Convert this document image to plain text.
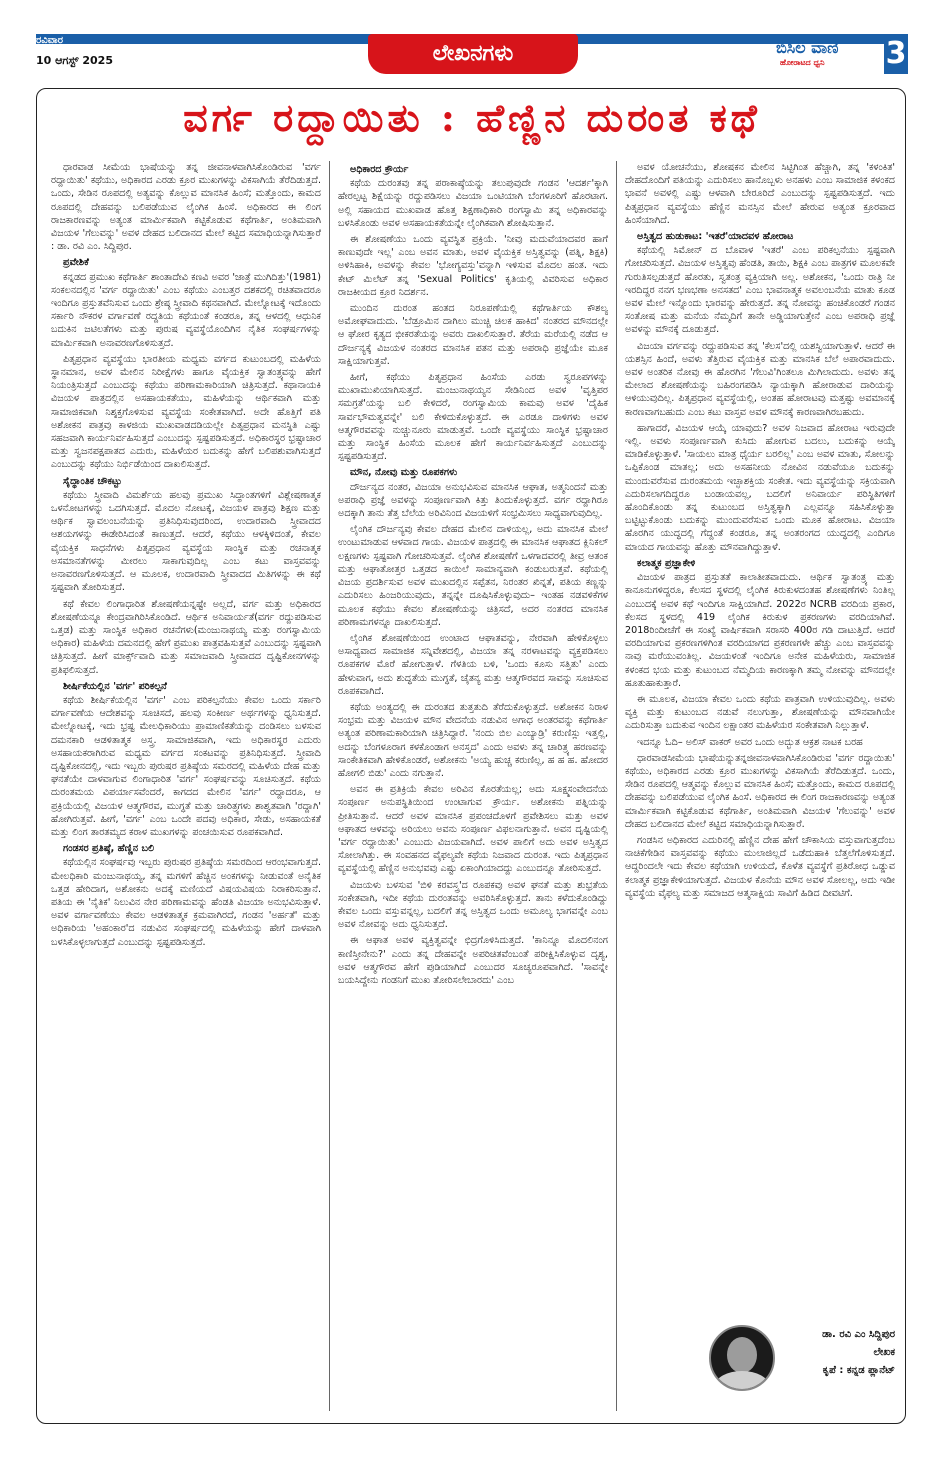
ರವಿವಾರ
10 ಆಗಸ್ಟ್ 2025	ಲೇಖನಗಳು	ಬಿಸಿಲ ವಾಣಿ
ಹೋರಾಟದ ಧ್ವನಿ 3
ವರ್ಗ ರದ್ದಾಯಿತು : ಹೆಣ್ಣಿನ ದುರಂತ ಕಥೆ
ಧಾರವಾಡ ಸೀಮೆಯ ಭಾಷೆಯನ್ನು ತನ್ನ ಜೀವನಾಳವಾಗಿಸಿಕೊಂಡಿರುವ 'ವರ್ಗ ರದ್ದಾಯಿತು' ಕಥೆಯು, ಅಧಿಕಾರದ ಎರಡು ಕ್ರೂರ ಮುಖಗಳನ್ನು ವಿಕಸಾಗಿಯೆ ತೆರೆದಿಡುತ್ತದೆ. ಒಂದು, ಸೇಡಿನ ರೂಪದಲ್ಲಿ ಅತ್ಯವನ್ನು ಕೊಲ್ಲುವ ಮಾನಸಿಕ ಹಿಂಸೆ; ಮತ್ತೊಂದು, ಕಾಮದ ರೂಪದಲ್ಲಿ ದೇಹವನ್ನು ಬಲಿಪಡೆಯುವ ಲೈಂಗಿಕ ಹಿಂಸೆ. ಅಧಿಕಾರದ ಈ ಲಿಂಗ ರಾಜಕಾರಣವನ್ನು ಅತ್ಯಂತ ಮಾರ್ಮಿಕವಾಗಿ ಕಟ್ಟಿಕೊಡುವ ಕಥೆಗಾರ್ತಿ, ಅಂತಿಮವಾಗಿ ವಿಜಯಳ 'ಗೆಲುವನ್ನು' ಅವಳ ದೇಹದ ಬಲಿದಾನದ ಮೇಲೆ ಕಟ್ಟಿದ ಸಮಾಧಿಯನ್ನಾಗಿಸುತ್ತಾರೆ : ಡಾ. ರವಿ ಎಂ. ಸಿದ್ದಿಪುರ.
ಪ್ರವೇಶಿಕೆ
ಕನ್ನಡದ ಪ್ರಮುಖ ಕಥೆಗಾರ್ತಿ ಶಾಂತಾದೇವಿ ಕಣವಿ ಅವರ 'ಜಾತ್ರೆ ಮುಗಿದಿತ್ತು'(1981) ಸಂಕಲನದಲ್ಲಿನ 'ವರ್ಗ ರದ್ದಾಯಿತು' ಎಂಬ ಕಥೆಯು ಎಂಬತ್ತರ ದಶಕದಲ್ಲಿ ರಚಿತವಾದರೂ ಇಂದಿಗೂ ಪ್ರಸ್ತುತವೆನಿಸುವ ಒಂದು ಶ್ರೇಷ್ಠ ಸ್ತ್ರೀವಾದಿ ಕಥನವಾಗಿದೆ. ಮೇಲ್ನೋಟಕ್ಕೆ ಇದೊಂದು ಸರ್ಕಾರಿ ನೌಕರಳ ವರ್ಗಾವಣೆ ರದ್ದತಿಯ ಕಥೆಯಂತೆ ಕಂಡರೂ, ತನ್ನ ಆಳದಲ್ಲಿ ಆಧುನಿಕ ಬದುಕಿನ ಜಟಿಲತೆಗಳು ಮತ್ತು ಪುರುಷ ವ್ಯವಸ್ಥೆಯೊಂದಿಗಿನ ನೈತಿಕ ಸಂಘರ್ಷಗಳನ್ನು ಮಾರ್ಮಿಕವಾಗಿ ಅನಾವರಣಗೊಳಿಸುತ್ತದೆ.
ಪಿತೃಪ್ರಧಾನ ವ್ಯವಸ್ಥೆಯು ಭಾರತೀಯ ಮಧ್ಯಮ ವರ್ಗದ ಕುಟುಂಬದಲ್ಲಿ ಮಹಿಳೆಯ ಸ್ಥಾನಮಾನ, ಅವಳ ಮೇಲಿನ ನಿರೀಕ್ಷೆಗಳು ಹಾಗೂ ವೈಯಕ್ತಿಕ ಸ್ವಾತಂತ್ರ್ಯವನ್ನು ಹೇಗೆ ನಿಯಂತ್ರಿಸುತ್ತದೆ ಎಂಬುದನ್ನು ಕಥೆಯು ಪರಿಣಾಮಕಾರಿಯಾಗಿ ಚಿತ್ರಿಸುತ್ತದೆ. ಕಥಾನಾಯಕಿ ವಿಜಯಳ ಪಾತ್ರದಲ್ಲಿನ ಅಸಹಾಯಕತೆಯು, ಮಹಿಳೆಯನ್ನು ಆರ್ಥಿಕವಾಗಿ ಮತ್ತು ಸಾಮಾಜಿಕವಾಗಿ ನಿಶ್ಶಕ್ತಗೊಳಿಸುವ ವ್ಯವಸ್ಥೆಯ ಸಂಕೇತವಾಗಿದೆ. ಅದೇ ಹೊತ್ತಿಗೆ ಪತಿ ಅಶೋಕನ ಪಾತ್ರವು ಕಾಳಜಿಯ ಮುಖವಾಡದಡಿಯಲ್ಲೇ ಪಿತೃಪ್ರಧಾನ ಮನಸ್ಥಿತಿ ಎಷ್ಟು ಸಹಜವಾಗಿ ಕಾರ್ಯನಿರ್ವಹಿಸುತ್ತದೆ ಎಂಬುದನ್ನು ಸ್ಪಷ್ಟಪಡಿಸುತ್ತದೆ. ಅಧಿಕಾರಸ್ಥರ ಭ್ರಷ್ಟಾಚಾರ ಮತ್ತು ಸ್ವಜನಪಕ್ಷಪಾತದ ಎದುರು, ಮಹಿಳೆಯರ ಬದುಕನ್ನು ಹೇಗೆ ಬಲಿಪಶುವಾಗಿಸುತ್ತದೆ ಎಂಬುದನ್ನು ಕಥೆಯು ನಿರ್ಭಿಡೆಯಿಂದ ದಾಖಲಿಸುತ್ತದೆ.
ಸೈದ್ಧಾಂತಿಕ ಚೌಕಟ್ಟು
ಕಥೆಯು ಸ್ತ್ರೀವಾದಿ ವಿಮರ್ಶೆಯ ಹಲವು ಪ್ರಮುಖ ಸಿದ್ಧಾಂತಗಳಿಗೆ ವಿಶ್ಲೇಷಣಾತ್ಮಕ ಒಳನೋಟಗಳನ್ನು ಒದಗಿಸುತ್ತದೆ. ಮೊದಲ ನೋಟಕ್ಕೆ, ವಿಜಯಳ ಪಾತ್ರವು ಶಿಕ್ಷಣ ಮತ್ತು ಆರ್ಥಿಕ ಸ್ವಾವಲಂಬನೆಯನ್ನು ಪ್ರತಿನಿಧಿಸುವುದರಿಂದ, ಉದಾರವಾದಿ ಸ್ತ್ರೀವಾದದ ಆಶಯಗಳನ್ನು ಈಡೇರಿಸಿದಂತೆ ಕಾಣುತ್ತದೆ. ಆದರೆ, ಕಥೆಯು ಆಳಕ್ಕಿಳಿದಂತೆ, ಕೇವಲ ವೈಯಕ್ತಿಕ ಸಾಧನೆಗಳು ಪಿತೃಪ್ರಧಾನ ವ್ಯವಸ್ಥೆಯ ಸಾಂಸ್ಥಿಕ ಮತ್ತು ರಚನಾತ್ಮಕ ಅಸಮಾನತೆಗಳನ್ನು ಮೀರಲು ಸಾಕಾಗುವುದಿಲ್ಲ ಎಂಬ ಕಟು ವಾಸ್ತವವನ್ನು ಅನಾವರಣಗೊಳಿಸುತ್ತದೆ. ಆ ಮೂಲಕ, ಉದಾರವಾದಿ ಸ್ತ್ರೀವಾದದ ಮಿತಿಗಳನ್ನು ಈ ಕಥೆ ಸ್ಪಷ್ಟವಾಗಿ ತೋರಿಸುತ್ತದೆ.
ಕಥೆ ಕೇವಲ ಲಿಂಗಾಧಾರಿತ ಶೋಷಣೆಯನ್ನಷ್ಟೇ ಅಲ್ಲದೆ, ವರ್ಗ ಮತ್ತು ಅಧಿಕಾರದ ಶೋಷಣೆಯನ್ನೂ ಕೇಂದ್ರವಾಗಿರಿಸಿಕೊಂಡಿದೆ. ಆರ್ಥಿಕ ಅನಿವಾರ್ಯತೆ(ವರ್ಗ ರದ್ದುಪಡಿಸುವ ಒತ್ತಡ) ಮತ್ತು ಸಾಂಸ್ಥಿಕ ಅಧಿಕಾರ ರಚನೆಗಳು(ಮಂಜುನಾಥಯ್ಯ ಮತ್ತು ರಂಗಸ್ವಾಮಿಯ ಅಧಿಕಾರ) ಮಹಿಳೆಯ ದಮನದಲ್ಲಿ ಹೇಗೆ ಪ್ರಮುಖ ಪಾತ್ರವಹಿಸುತ್ತವೆ ಎಂಬುದನ್ನು ಸ್ಪಷ್ಟವಾಗಿ ಚಿತ್ರಿಸುತ್ತದೆ. ಹೀಗೆ ಮಾರ್ಕ್ಸ್‌ವಾದಿ ಮತ್ತು ಸಮಾಜವಾದಿ ಸ್ತ್ರೀವಾದದ ದೃಷ್ಟಿಕೋನಗಳನ್ನು ಪ್ರತಿಫಲಿಸುತ್ತದೆ.
ಶೀರ್ಷಿಕೆಯಲ್ಲಿನ 'ವರ್ಗ' ಪರಿಕಲ್ಪನೆ
ಕಥೆಯ ಶೀರ್ಷಿಕೆಯಲ್ಲಿನ 'ವರ್ಗ' ಎಂಬ ಪರಿಕಲ್ಪನೆಯು ಕೇವಲ ಒಂದು ಸರ್ಕಾರಿ ವರ್ಗಾವಣೆಯ ಆದೇಶವನ್ನು ಸೂಚಿಸದೆ, ಹಲವು ಸಂಕೀರ್ಣ ಅರ್ಥಗಳನ್ನು ಧ್ವನಿಸುತ್ತದೆ. ಮೇಲ್ನೋಟಕ್ಕೆ, ಇದು ಭ್ರಷ್ಟ ಮೇಲಧಿಕಾರಿಯು ಪ್ರಾಮಾಣಿಕತೆಯನ್ನು ದಂಡಿಸಲು ಬಳಸುವ ದಮನಕಾರಿ ಆಡಳಿತಾತ್ಮಕ ಅಸ್ತ್ರ. ಸಾಮಾಜಿಕವಾಗಿ, ಇದು ಅಧಿಕಾರಸ್ಥರ ಎದುರು ಅಸಹಾಯಕರಾಗಿರುವ ಮಧ್ಯಮ ವರ್ಗದ ಸಂಕಟವನ್ನು ಪ್ರತಿನಿಧಿಸುತ್ತದೆ. ಸ್ತ್ರೀವಾದಿ ದೃಷ್ಟಿಕೋನದಲ್ಲಿ, ಇದು ಇಬ್ಬರು ಪುರುಷರ ಪ್ರತಿಷ್ಠೆಯ ಸಮರದಲ್ಲಿ ಮಹಿಳೆಯ ದೇಹ ಮತ್ತು ಘನತೆಯೇ ದಾಳವಾಗುವ ಲಿಂಗಾಧಾರಿತ 'ವರ್ಗ' ಸಂಘರ್ಷವನ್ನು ಸೂಚಿಸುತ್ತದೆ. ಕಥೆಯ ದುರಂತಮಯ ವಿಪರ್ಯಾಸವೆಂದರೆ, ಕಾಗದದ ಮೇಲಿನ 'ವರ್ಗ' ರದ್ದಾದರೂ, ಆ ಪ್ರಕ್ರಿಯೆಯಲ್ಲಿ ವಿಜಯಳ ಆತ್ಮಗೌರವ, ಮುಗ್ಧತೆ ಮತ್ತು ಚಾರಿತ್ರ್ಯಗಳು ಶಾಶ್ವತವಾಗಿ 'ರದ್ದಾಗಿ' ಹೋಗಿರುತ್ತವೆ. ಹೀಗೆ, 'ವರ್ಗ' ಎಂಬ ಒಂದೇ ಪದವು ಅಧಿಕಾರ, ಸೇಡು, ಅಸಹಾಯಕತೆ ಮತ್ತು ಲಿಂಗ ತಾರತಮ್ಯದ ಕರಾಳ ಮುಖಗಳನ್ನು ಪಂಚಯಿಸುವ ರೂಪಕವಾಗಿದೆ.
ಗಂಡಸರ ಪ್ರತಿಷ್ಠೆ, ಹೆಣ್ಣಿನ ಬಲಿ
ಕಥೆಯಲ್ಲಿನ ಸಂಘರ್ಷವು ಇಬ್ಬರು ಪುರುಷರ ಪ್ರತಿಷ್ಠೆಯ ಸಮರದಿಂದ ಆರಂಭವಾಗುತ್ತದೆ. ಮೇಲಧಿಕಾರಿ ಮಂಜುನಾಥಯ್ಯ, ತನ್ನ ಮಗಳಿಗೆ ಹೆಚ್ಚಿನ ಅಂಕಗಳನ್ನು ನೀಡುವಂತೆ ಅನೈತಿಕ ಒತ್ತಡ ಹೇರಿದಾಗ, ಅಶೋಕನು ಅದಕ್ಕೆ ಮಣಿಯದೆ ವಿಷಯವಿಷಯ ನಿರಾಕರಿಸುತ್ತಾನೆ. ಪತಿಯ ಈ 'ನೈತಿಕ' ನಿಲುವಿನ ನೇರ ಪರಿಣಾಮವನ್ನು ಹೆಂಡತಿ ವಿಜಯಾ ಅನುಭವಿಸುತ್ತಾಳೆ. ಅವಳ ವರ್ಗಾವಣೆಯು ಕೇವಲ ಆಡಳಿತಾತ್ಮಕ ಕ್ರಮವಾಗಿರದೆ, ಗಂಡನ 'ಅರ್ಹತೆ' ಮತ್ತು ಅಧಿಕಾರಿಯ 'ಅಹಂಕಾರ'ದ ನಡುವಿನ ಸಂಘರ್ಷದಲ್ಲಿ ಮಹಿಳೆಯನ್ನು ಹೇಗೆ ದಾಳವಾಗಿ ಬಳಸಿಕೊಳ್ಳಲಾಗುತ್ತದೆ ಎಂಬುದನ್ನು ಸ್ಪಷ್ಟಪಡಿಸುತ್ತದೆ.
ಅಧಿಕಾರದ ಕ್ರೌರ್ಯ
ಕಥೆಯ ದುರಂತವು ತನ್ನ ಪರಾಕಾಷ್ಠೆಯನ್ನು ತಲುಪುವುದೇ ಗಂಡನ 'ಆದರ್ಶ'ಕ್ಕಾಗಿ ಹೇರಲ್ಪಟ್ಟ ಶಿಕ್ಷೆಯನ್ನು ರದ್ದುಪಡಿಸಲು ವಿಜಯಾ ಒಂಟಿಯಾಗಿ ಬೆಂಗಳೂರಿಗೆ ಹೊರಟಾಗ. ಅಲ್ಲಿ ಸಹಾಯದ ಮುಖವಾಡ ಹೊತ್ತ ಶಿಕ್ಷಣಾಧಿಕಾರಿ ರಂಗಸ್ವಾಮಿ ತನ್ನ ಅಧಿಕಾರವನ್ನು ಬಳಸಿಕೊಂಡು ಅವಳ ಅಸಹಾಯಕತೆಯನ್ನೇ ಲೈಂಗಿಕವಾಗಿ ಶೋಷಿಸುತ್ತಾನೆ.
ಈ ಶೋಷಣೆಯು ಒಂದು ವ್ಯವಸ್ಥಿತ ಪ್ರಕ್ರಿಯೆ. 'ನೀವು ಮದುವೆಯಾದವರ ಹಾಗೆ ಕಾಣುವುದೇ ಇಲ್ಲ' ಎಂಬ ಅವನ ಮಾತು, ಅವಳ ವೈಯಕ್ತಿಕ ಅಸ್ತಿತ್ವವನ್ನು (ಪತ್ನಿ, ಶಿಕ್ಷಕಿ) ಅಳಿಸಿಹಾಕಿ, ಅವಳನ್ನು ಕೇವಲ 'ಭೋಗ್ಯವಸ್ತು'ವನ್ನಾಗಿ ಇಳಿಸುವ ಮೊದಲ ಹಂತ. ಇದು ಕೇಟ್ ಮಿಲೆಟ್ ತನ್ನ 'Sexual Politics' ಕೃತಿಯಲ್ಲಿ ವಿವರಿಸುವ ಅಧಿಕಾರ ರಾಜಕೀಯದ ಕ್ರೂರ ನಿದರ್ಶನ.
ಮುಂದಿನ ದುರಂತ ಹಂತದ ನಿರೂಪಣೆಯಲ್ಲಿ ಕಥೆಗಾರ್ತಿಯ ಕೌಶಲ್ಯ ಅಮೋಘವಾದುದು. 'ಬೆಡ್ರೂಮಿನ ದಾಗಿಲು ಮುಚ್ಚಿ ಚಿಲಕ ಹಾಕಿದ' ನಂತರದ ಮೌನದಲ್ಲೇ ಆ ಘೋರ ಕೃತ್ಯದ ಭೀಕರತೆಯನ್ನು ಅವರು ದಾಖಲಿಸುತ್ತಾರೆ. ತೆರೆಯ ಮರೆಯಲ್ಲಿ ನಡೆದ ಆ ದೌರ್ಜನ್ಯಕ್ಕೆ ವಿಜಯಳ ನಂತರದ ಮಾನಸಿಕ ಪತನ ಮತ್ತು ಅಪರಾಧಿ ಪ್ರಜ್ಞೆಯೇ ಮೂಕ ಸಾಕ್ಷಿಯಾಗುತ್ತವೆ.
ಹೀಗೆ, ಕಥೆಯು ಪಿತೃಪ್ರಧಾನ ಹಿಂಸೆಯ ಎರಡು ಸ್ವರೂಪಗಳನ್ನು ಮುಖಾಮುಖಿಯಾಗಿಸುತ್ತದೆ. ಮಂಜುನಾಥಯ್ಯನ ಸೇಡಿನಿಂದ ಅವಳ 'ವೃತ್ತಿಪರ ಸಮಗ್ರತೆ'ಯನ್ನು ಬಲಿ ಕೇಳಿದರೆ, ರಂಗಸ್ವಾಮಿಯ ಕಾಮವು ಅವಳ 'ದೈಹಿಕ ಸಾರ್ವಭೌಮತ್ವವನ್ನೇ' ಬಲಿ ಕೇಳಿದುಕೊಳ್ಳುತ್ತದೆ. ಈ ಎರಡೂ ದಾಳಿಗಳು ಅವಳ ಆತ್ಮಗೌರವವನ್ನು ನುಚ್ಚುನೂರು ಮಾಡುತ್ತವೆ. ಒಂದೇ ವ್ಯವಸ್ಥೆಯು ಸಾಂಸ್ಥಿಕ ಭ್ರಷ್ಟಾಚಾರ ಮತ್ತು ಸಾಂಸ್ಥಿಕ ಹಿಂಸೆಯ ಮೂಲಕ ಹೇಗೆ ಕಾರ್ಯನಿರ್ವಹಿಸುತ್ತದೆ ಎಂಬುದನ್ನು ಸ್ಪಷ್ಟಪಡಿಸುತ್ತದೆ.
ಮೌನ, ನೋವು ಮತ್ತು ರೂಪಕಗಳು
ದೌರ್ಜನ್ಯದ ನಂತರ, ವಿಜಯಾ ಅನುಭವಿಸುವ ಮಾನಸಿಕ ಆಘಾತ, ಅತ್ಮನಿಂದನೆ ಮತ್ತು ಅಪರಾಧಿ ಪ್ರಜ್ಞೆ ಅವಳನ್ನು ಸಂಪೂರ್ಣವಾಗಿ ಕಿತ್ತು ತಿಂದುಕೊಳ್ಳುತ್ತದೆ. ವರ್ಗ ರದ್ದಾಗಿರೂ ಅದಕ್ಕಾಗಿ ತಾನು ತೆತ್ತ ಬೆಲೆಯ ಅರಿವಿನಿಂದ ವಿಜಯಳಿಗೆ ಸಂಭ್ರಮಿಸಲು ಸಾಧ್ಯವಾಗುವುದಿಲ್ಲ.
ಲೈಂಗಿಕ ದೌರ್ಜನ್ಯವು ಕೇವಲ ದೇಹದ ಮೇಲಿನ ದಾಳಿಯಲ್ಲ, ಅದು ಮಾನಸಿಕ ಮೇಲೆ ಉಂಟುಮಾಡುವ ಆಳವಾದ ಗಾಯ. ವಿಜಯಳ ಪಾತ್ರದಲ್ಲಿ ಈ ಮಾನಸಿಕ ಆಘಾತದ ಕ್ಲಿನಿಕಲ್ ಲಕ್ಷಣಗಳು ಸ್ಪಷ್ಟವಾಗಿ ಗೋಚರಿಸುತ್ತವೆ. ಲೈಂಗಿಕ ಶೋಷಣೆಗೆ ಒಳಗಾದವರಲ್ಲಿ ತೀವ್ರ ಆತಂಕ ಮತ್ತು ಆಘಾತೋತ್ತರ ಒತ್ತಡದ ಕಾಯಿಲೆ ಸಾಮಾನ್ಯವಾಗಿ ಕಂಡುಬರುತ್ತವೆ. ಕಥೆಯಲ್ಲಿ ವಿಜಯ ಪ್ರದರ್ಶಿಸುವ ಅವಳ ಮುಖದಲ್ಲಿನ ಸಪ್ಪೆತನ, ನಿರಂತರ ಖಿನ್ನತೆ, ಪತಿಯ ಕಣ್ಣನ್ನು ಎದುರಿಸಲು ಹಿಂಜರಿಯುವುದು, ತನ್ನನ್ನೇ ದೂಷಿಸಿಕೊಳ್ಳುವುದು– ಇಂತಹ ನಡವಳಿಕೆಗಳ ಮೂಲಕ ಕಥೆಯು ಕೇವಲ ಶೋಷಣೆಯನ್ನು ಚಿತ್ರಿಸದೆ, ಅದರ ನಂತರದ ಮಾನಸಿಕ ಪರಿಣಾಮಗಳನ್ನೂ ದಾಖಲಿಸುತ್ತದೆ.
ಲೈಂಗಿಕ ಶೋಷಣೆಯಿಂದ ಉಂಟಾದ ಆಘಾತವನ್ನು, ನೇರವಾಗಿ ಹೇಳಿಕೊಳ್ಳಲು ಅಸಾಧ್ಯವಾದ ಸಾಮಾಜಿಕ ಸನ್ನಿವೇಶದಲ್ಲಿ, ವಿಜಯಾ ತನ್ನ ನರಳಾಟವನ್ನು ವ್ಯಕ್ತಪಡಿಸಲು ರೂಪಕಗಳ ಮೊರೆ ಹೋಗುತ್ತಾಳೆ. ಗೆಳತಿಯ ಬಳಿ, 'ಒಂದು ಕೂಸು ಸತ್ತಿತು' ಎಂದು ಹೇಳುವಾಗ, ಅದು ಶುದ್ಧತೆಯ ಮುಗ್ಧತೆ, ಚೈತನ್ಯ ಮತ್ತು ಆತ್ಮಗೌರವದ ಸಾವನ್ನು ಸೂಚಿಸುವ ರೂಪಕವಾಗಿದೆ.
ಕಥೆಯ ಅಂತ್ಯದಲ್ಲಿ ಈ ದುರಂತದ ತುತ್ತತುದಿ ತೆರೆದುಕೊಳ್ಳುತ್ತದೆ. ಅಶೋಕನ ನಿರಾಳ ಸಂಭ್ರಮ ಮತ್ತು ವಿಜಯಳ ಮೌನ ವೇದನೆಯ ನಡುವಿನ ಅಗಾಧ ಅಂತರವನ್ನು ಕಥೆಗಾರ್ತಿ ಅತ್ಯಂತ ಪರಿಣಾಮಕಾರಿಯಾಗಿ ಚಿತ್ರಿಸಿದ್ದಾರೆ. 'ನಂದು ಬಿಲ ಎಂಬ್ಯಾಡ್ರಿ' ಕರುಣಿಸ್ಲು ಇತ್ತಲ್ಲಿ, ಅದನ್ನು ಬೆಂಗಳೂರಾಗ ಕಳಕೊಂಡಾಗ ಅನಸ್ತದ' ಎಂದು ಅವಳು ತನ್ನ ಚಾರಿತ್ರ್ಯ ಹರಣವನ್ನು ಸಾಂಕೇತಿಕವಾಗಿ ಹೇಳಿಕೊಂಡರೆ, ಅಶೋಕನು 'ಅಯ್ಯ ಹುಚ್ಚ ಕರುಣಿಲ್ಲ, ಹ ಹ ಹ. ಹೋದರ ಹೋಗಲಿ ಬಿಡು' ಎಂದು ನಗುತ್ತಾನೆ.
ಅವನ ಈ ಪ್ರತಿಕ್ರಿಯೆ ಕೇವಲ ಅರಿವಿನ ಕೊರತೆಯಲ್ಲ; ಅದು ಸೂಕ್ಷ್ಮಸಂವೇದನೆಯ ಸಂಪೂರ್ಣ ಅನುಪಸ್ಥಿತಿಯಿಂದ ಉಂಟಾಗುವ ಕ್ರೌರ್ಯ. ಅಶೋಕನು ಪತ್ನಿಯನ್ನು ಪ್ರೀತಿಸುತ್ತಾನೆ. ಆದರೆ ಅವಳ ಮಾನಸಿಕ ಪ್ರಪಂಚದೊಳಗೆ ಪ್ರವೇಶಿಸಲು ಮತ್ತು ಅವಳ ಆಘಾತದ ಆಳವನ್ನು ಅರಿಯಲು ಅವನು ಸಂಪೂರ್ಣ ವಿಫಲನಾಗುತ್ತಾನೆ. ಅವನ ದೃಷ್ಟಿಯಲ್ಲಿ 'ವರ್ಗ ರದ್ದಾಯಿತು' ಎಂಬುದು ವಿಜಯವಾಗಿದೆ. ಅವಳ ಪಾಲಿಗೆ ಅದು ಅವಳ ಅಸ್ತಿತ್ವದ ಸೋಲಾಗಿತ್ತು. ಈ ಸಂವಹನದ ವೈಫಲ್ಯವೇ ಕಥೆಯ ನಿಜವಾದ ದುರಂತ. ಇದು ಪಿತೃಪ್ರಧಾನ ವ್ಯವಸ್ಥೆಯಲ್ಲಿ ಹೆಣ್ಣಿನ ಅನುಭವವು ಎಷ್ಟು ಏಕಾಂಗಿಯಾದದ್ದು ಎಂಬುದನ್ನೂ ತೋರಿಸುತ್ತದೆ.
ವಿಜಯಳು ಬಳಸುವ 'ಬಿಳಿ ಕರವಸ್ತ್ರ'ದ ರೂಪಕವು ಅವಳ ಘನತೆ ಮತ್ತು ಶುಭ್ರತೆಯ ಸಂಕೇತವಾಗಿ, ಇದೀ ಕಥೆಯ ದುರಂತವನ್ನು ಅವರಿಸಿಕೊಳ್ಳುತ್ತದೆ. ತಾನು ಕಳೆದುಕೊಂಡಿದ್ದು ಕೇವಲ ಒಂದು ವಸ್ತುವನ್ನಲ್ಲ, ಬದಲಿಗೆ ತನ್ನ ಅಸ್ತಿತ್ವದ ಒಂದು ಅಮೂಲ್ಯ ಭಾಗವನ್ನೇ ಎಂಬ ಅವಳ ನೋವನ್ನು ಅದು ಧ್ವನಿಸುತ್ತದೆ.
ಈ ಆಘಾತ ಅವಳ ವ್ಯಕ್ತಿತ್ವವನ್ನೇ ಛಿದ್ರಗೊಳಿಸಿದುತ್ತದೆ. 'ಕಾನಿನ್ನೂ ಮೊದಲಿನಂಗ ಕಾಣಿಸ್ತೀನೇನು?' ಎಂದು ತನ್ನ ದೇಹವನ್ನೇ ಅಪರಿಚಿತವೆಂಬಂತೆ ಪರೀಕ್ಷಿಸಿಕೊಳ್ಳುವ ದೃಶ್ಯ, ಅವಳ ಆತ್ಮಗೌರವ ಹೇಗೆ ಪುಡಿಯಾಗಿದೆ ಎಂಬುದರ ಸೂಚ್ಯರೂಪವಾಗಿದೆ. 'ಸಾವನ್ನೇ ಬಯಸಿದ್ದೇನು ಗಂಡನಿಗೆ ಮುಖ ತೋರಿಸಲೇಬಾರದು' ಎಂಬ
ಅವಳ ಯೋಚನೆಯು, ಶೋಷಕನ ಮೇಲಿನ ಸಿಟ್ಟಿಗಿಂತ ಹೆಚ್ಚಾಗಿ, ತನ್ನ 'ಕಳಂಕಿತ' ದೇಹದೊಂದಿಗೆ ಪತಿಯನ್ನು ಎದುರಿಸಲು ಹಾನೊಬ್ಬಳು ಅನಹಳು ಎಂಬ ಸಾಮಾಜಿಕ ಕಳಂಕದ ಭಾವನೆ ಅವಳಲ್ಲಿ ಎಷ್ಟು ಆಳವಾಗಿ ಬೇರೂರಿದೆ ಎಂಬುದನ್ನು ಸ್ಪಷ್ಟಪಡಿಸುತ್ತದೆ. ಇದು ಪಿತೃಪ್ರಧಾನ ವ್ಯವಸ್ಥೆಯು ಹೆಣ್ಣಿನ ಮನಸ್ಸಿನ ಮೇಲೆ ಹೇರುವ ಅತ್ಯಂತ ಕ್ರೂರವಾದ ಹಿಂಸೆಯಾಗಿದೆ.
ಅಸ್ತಿತ್ವದ ಹುಡುಕಾಟ: 'ಇತರೆ'ಯಾದವಳ ಹೋರಾಟ
ಕಥೆಯಲ್ಲಿ ಸಿಮೋನ್ ದ ಬೊವಾಳ 'ಇತರೆ' ಎಂಬ ಪರಿಕಲ್ಪನೆಯು ಸ್ಪಷ್ಟವಾಗಿ ಗೋಚರಿಸುತ್ತದೆ. ವಿಜಯಳ ಅಸ್ತಿತ್ವವು ಹೆಂಡತಿ, ತಾಯಿ, ಶಿಕ್ಷಕಿ ಎಂಬ ಪಾತ್ರಗಳ ಮೂಲಕವೇ ಗುರುತಿಸಲ್ಪಡುತ್ತದೆ ಹೊರತು, ಸ್ವತಂತ್ರ ವ್ಯಕ್ತಿಯಾಗಿ ಅಲ್ಲ. ಅಶೋಕನ, 'ಒಂದು ರಾತ್ರಿ ನೀ ಇರದಿದ್ದರ ನನಗ ಭಣಭಣಾ ಅನಸತದ' ಎಂಬ ಭಾವನಾತ್ಮಕ ಅವಲಂಬನೆಯ ಮಾತು ಕೂಡ ಅವಳ ಮೇಲೆ ಇನ್ನೊಂದು ಭಾರವನ್ನು ಹೇರುತ್ತದೆ. ತನ್ನ ನೋವನ್ನು ಹಂಚಿಕೊಂಡರೆ ಗಂಡನ ಸಂತೋಷ ಮತ್ತು ಮನೆಯ ನೆಮ್ಮದಿಗೆ ತಾನೇ ಅಡ್ಡಿಯಾಗುತ್ತೇನೆ ಎಂಬ ಅಪರಾಧಿ ಪ್ರಜ್ಞೆ ಅವಳನ್ನು ಮೌನಕ್ಕೆ ದೂಡುತ್ತದೆ.
ವಿಜಯಾ ವರ್ಗವನ್ನು ರದ್ದುಪಡಿಸುವ ತನ್ನ 'ಕೆಲಸ'ದಲ್ಲಿ ಯಶಸ್ವಿಯಾಗುತ್ತಾಳೆ. ಆದರೆ ಈ ಯಶಸ್ಸಿನ ಹಿಂದೆ, ಅವಳು ತೆತ್ತಿರುವ ವೈಯಕ್ತಿಕ ಮತ್ತು ಮಾನಸಿಕ ಬೆಲೆ ಅಪಾರವಾದುದು. ಅವಳ ಅಂತರಿಕ ನೋವು ಈ ಹೊರಗಿನ 'ಗೆಲುವಿ'ಗಿಂತಲೂ ಮಿಗಿಲಾದುದು. ಅವಳು ತನ್ನ ಮೇಲಾದ ಶೋಷಣೆಯನ್ನು ಬಹಿರಂಗಪಡಿಸಿ ನ್ಯಾಯಕ್ಕಾಗಿ ಹೋರಾಡುವ ದಾರಿಯನ್ನು ಆಳಿಯುವುದಿಲ್ಲ. ಪಿತೃಪ್ರಧಾನ ವ್ಯವಸ್ಥೆಯಲ್ಲಿ, ಅಂತಹ ಹೋರಾಟವು ಮತ್ತಷ್ಟು ಅವಮಾನಕ್ಕೆ ಕಾರಣವಾಗಬಹುದು ಎಂಬ ಕಟು ವಾಸ್ತವ ಅವಳ ಮೌನಕ್ಕೆ ಕಾರಣವಾಗಿರಬಹುದು.
ಹಾಗಾದರೆ, ವಿಜಯಳ ಆಯ್ಕೆ ಯಾವುದು? ಅವಳ ನಿಜವಾದ ಹೋರಾಟ ಇರುವುದೇ ಇಲ್ಲಿ. ಅವಳು ಸಂಪೂರ್ಣವಾಗಿ ಕುಸಿದು ಹೋಗುವ ಬದಲು, ಬದುಕನ್ನು ಆಯ್ಕೆ ಮಾಡಿಕೊಳ್ಳುತ್ತಾಳೆ. 'ಸಾಯಲು ಮಾತ್ರ ಧೈರ್ಯ ಬರಲಿಲ್ಲ' ಎಂಬ ಅವಳ ಮಾತು, ಸೋಲನ್ನು ಒಪ್ಪಿಕೊಂಡ ಮಾತಲ್ಲ; ಅದು ಅಸಹನೀಯ ನೋವಿನ ನಡುವೆಯೂ ಬದುಕನ್ನು ಮುಂದುವರೆಸುವ ದುರಂತಮಯ ಇಚ್ಛಾಶಕ್ತಿಯ ಸಂಕೇತ. ಇದು ವ್ಯವಸ್ಥೆಯನ್ನು ಸಕ್ರಿಯವಾಗಿ ಎದುರಿಸಲಾಗದಿದ್ದರೂ ಬಂಡಾಯವಲ್ಲ, ಬದಲಿಗೆ ಅನಿವಾರ್ಯ ಪರಿಸ್ಥಿತಿಗಳಿಗೆ ಹೊಂದಿಕೊಂಡು ತನ್ನ ಕುಟುಂಬದ ಅಸ್ತಿತ್ವಕ್ಕಾಗಿ ಎಲ್ಲವನ್ನೂ ಸಹಿಸಿಕೊಳ್ಳುತ್ತಾ ಬಟ್ಟಿಟ್ಟುಕೊಂಡು ಬದುಕನ್ನು ಮುಂದುವರೆಸುವ ಒಂದು ಮೂಕ ಹೋರಾಟ. ವಿಜಯಾ ಹೊರಗಿನ ಯುದ್ಧದಲ್ಲಿ ಗೆದ್ದಂತೆ ಕಂಡರೂ, ತನ್ನ ಅಂತರಂಗದ ಯುದ್ಧದಲ್ಲಿ ಎಂದಿಗೂ ಮಾಯದ ಗಾಯವನ್ನು ಹೊತ್ತು ಮೌನವಾಗಿದ್ದುತ್ತಾಳೆ.
ಕಲಾತ್ಮಕ ಪ್ರಜ್ಞಾಕೇಳಿ
ವಿಜಯಳ ಪಾತ್ರದ ಪ್ರಸ್ತುತತೆ ಕಾಲಾತೀತವಾದುದು. ಆರ್ಥಿಕ ಸ್ವಾತಂತ್ರ್ಯ ಮತ್ತು ಕಾನೂನುಗಳಿದ್ದರೂ, ಕೆಲಸದ ಸ್ಥಳದಲ್ಲಿ ಲೈಂಗಿಕ ಕಿರುಕುಳದಂತಹ ಶೋಷಣೆಗಳು ನಿಂತಿಲ್ಲ ಎಂಬುದಕ್ಕೆ ಅವಳ ಕಥೆ ಇಂದಿಗೂ ಸಾಕ್ಷಿಯಾಗಿದೆ. 2022ರ NCRB ವರದಿಯ ಪ್ರಕಾರ, ಕೆಲಸದ ಸ್ಥಳದಲ್ಲಿ 419 ಲೈಂಗಿಕ ಕಿರುಕುಳ ಪ್ರಕರಣಗಳು ವರದಿಯಾಗಿವೆ. 2018ರಿಂದೀಚೆಗೆ ಈ ಸಂಖ್ಯೆ ವಾರ್ಷಿಕವಾಗಿ ಸರಾಸರಿ 400ರ ಗಡಿ ದಾಟುತ್ತಿದೆ. ಆದರೆ ವರದಿಯಾಗುವ ಪ್ರಕರಣಗಳಿಗಿಂತ ವರದಿಯಾಗದ ಪ್ರಕರಣಗಳೇ ಹೆಚ್ಚು ಎಂಬ ವಾಸ್ತವವನ್ನು ನಾವು ಮರೆಯುವಂತಿಲ್ಲ. ವಿಜಯಳಂತೆ ಇಂದಿಗೂ ಅನೇಕ ಮಹಿಳೆಯರು, ಸಾಮಾಜಿಕ ಕಳಂಕದ ಭಯ ಮತ್ತು ಕುಟುಂಬದ ನೆಮ್ಮದಿಯ ಕಾರಣಕ್ಕಾಗಿ ತಮ್ಮ ನೋವನ್ನು ಮೌನದಲ್ಲೇ ಹೂತುಹಾಕುತ್ತಾರೆ.
ಈ ಮೂಲಕ, ವಿಜಯಾ ಕೇವಲ ಒಂದು ಕಥೆಯ ಪಾತ್ರವಾಗಿ ಉಳಿಯುವುದಿಲ್ಲ. ಅವಳು ವ್ಯಕ್ತಿ ಮತ್ತು ಕುಟುಂಬದ ನಡುವೆ ನಲುಗುತ್ತಾ, ಶೋಷಣೆಯನ್ನು ಮೌನವಾಗಿಯೇ ಎದುರಿಸುತ್ತಾ ಬದುಕುವ ಇಂದಿನ ಲಕ್ಷಾಂತರ ಮಹಿಳೆಯರ ಸಂಕೇತವಾಗಿ ನಿಲ್ಲುತ್ತಾಳೆ.
ಇದನ್ನೂ ಓದಿ– ಅಲಿಸ್ ವಾಕರ್ ಅವರ ಒಂದು ಅದ್ಭುತ ಆಕ್ರಶ ನಾಟಕ ಬರಹ
ಧಾರವಾಡಸೀಮೆಯ ಭಾಷೆಯನ್ನುತನ್ನಜೀವನಾಳವಾಗಿಸಿಕೊಂಡಿರುವ 'ವರ್ಗ ರದ್ದಾಯಿತು' ಕಥೆಯು, ಅಧಿಕಾರದ ಎರಡು ಕ್ರೂರ ಮುಖಗಳನ್ನು ವಿಕಸಾಗಿಯೆ ತೆರೆದಿಡುತ್ತದೆ. ಒಂದು, ಸೇಡಿನ ರೂಪದಲ್ಲಿ ಆತ್ಮವನ್ನು ಕೊಲ್ಲುವ ಮಾನಸಿಕ ಹಿಂಸೆ; ಮತ್ತೊಂದು, ಕಾಮದ ರೂಪದಲ್ಲಿ ದೇಹವನ್ನು ಬಲಿಪಡೆಯುವ ಲೈಂಗಿಕ ಹಿಂಸೆ. ಅಧಿಕಾರದ ಈ ಲಿಂಗ ರಾಜಕಾರಣವನ್ನು ಅತ್ಯಂತ ಮಾರ್ಮಿಕವಾಗಿ ಕಟ್ಟಿಕೊಡುವ ಕಥೆಗಾರ್ತಿ, ಅಂತಿಮವಾಗಿ ವಿಜಯಳ 'ಗೆಲುವನ್ನು' ಅವಳ ದೇಹದ ಬಲಿದಾನದ ಮೇಲೆ ಕಟ್ಟಿದ ಸಮಾಧಿಯನ್ನಾಗಿಸುತ್ತಾರೆ.
ಗಂಡಸಿನ ಅಧಿಕಾರದ ಎದುರಿನಲ್ಲಿ ಹೆಣ್ಣಿನ ದೇಹ ಹೇಗೆ ಚೌಕಾಸಿಯ ವಸ್ತುವಾಗುತ್ತದೆಂಬ ನಾಚಿಕೆಗೇಡಿನ ವಾಸ್ತವವನ್ನು ಕಥೆಯು ಮುಲಾಜಿಲ್ಲದೆ ಒಡೆದುಹಾಕಿ ಬೆತ್ತಲೆಗೊಳಿಸುತ್ತದೆ. ಆದ್ದರಿಂದಲೇ ಇದು ಕೇವಲ ಕಥೆಯಾಗಿ ಉಳಿಯದೆ, ಕೊಳೆತ ವ್ಯವಸ್ಥೆಗೆ ಪ್ರತಿರೋಧ ಒಡ್ಡುವ ಕಲಾತ್ಮಕ ಪ್ರಜ್ಞಾಕೇಳಿಯಾಗುತ್ತದೆ. ವಿಜಯಳ ಕೊನೆಯ ಮೌನ ಅವಳ ಸೋಲಲ್ಲ, ಅದು ಇಡೀ ವ್ಯವಸ್ಥೆಯ ವೈಫಲ್ಯ ಮತ್ತು ಸಮಾಜದ ಆತ್ಮಸಾಕ್ಷಿಯ ಸಾವಿಗೆ ಹಿಡಿದ ದೀವಟಿಗೆ.
ಡಾ. ರವಿ ಎಂ ಸಿದ್ದಿಪುರ
ಲೇಖಕ
ಕೃಪೆ : ಕನ್ನಡ ಪ್ಲಾನೆಟ್
